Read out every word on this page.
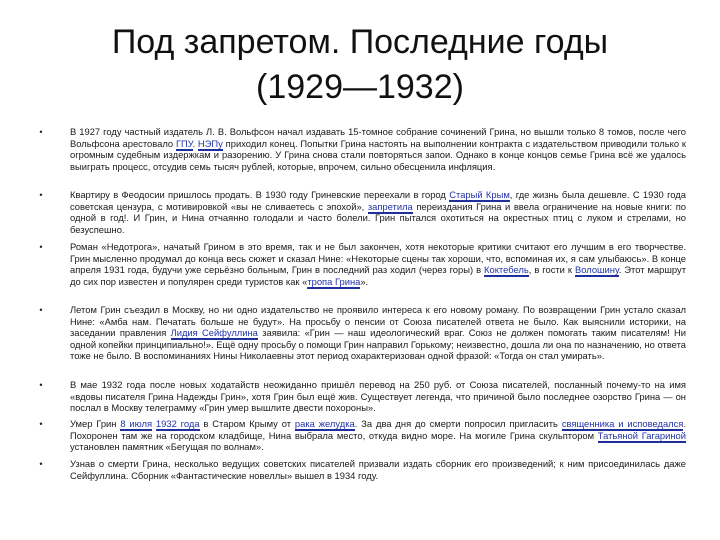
Под запретом. Последние годы
(1929—1932)
•	В 1927 году частный издатель Л. В. Вольфсон начал издавать 15-томное собрание сочинений Грина, но вышли только 8 томов, после чего Вольфсона арестовало ГПУ. НЭПу приходил конец. Попытки Грина настоять на выполнении контракта с издательством приводили только к огромным судебным издержкам и разорению. У Грина снова стали повторяться запои. Однако в конце концов семье Грина всё же удалось выиграть процесс, отсудив семь тысяч рублей, которые, впрочем, сильно обесценила инфляция.
•	Квартиру в Феодосии пришлось продать. В 1930 году Гриневские переехали в город Старый Крым, где жизнь была дешевле. С 1930 года советская цензура, с мотивировкой «вы не сливаетесь с эпохой», запретила переиздания Грина и ввела ограничение на новые книги: по одной в год!. И Грин, и Нина отчаянно голодали и часто болели. Грин пытался охотиться на окрестных птиц с луком и стрелами, но безуспешно.
•	Роман «Недотрога», начатый Грином в это время, так и не был закончен, хотя некоторые критики считают его лучшим в его творчестве. Грин мысленно продумал до конца весь сюжет и сказал Нине: «Некоторые сцены так хороши, что, вспоминая их, я сам улыбаюсь». В конце апреля 1931 года, будучи уже серьёзно больным, Грин в последний раз ходил (через горы) в Коктебель, в гости к Волошину. Этот маршрут до сих пор известен и популярен среди туристов как «тропа Грина».
•	Летом Грин съездил в Москву, но ни одно издательство не проявило интереса к его новому роману. По возвращении Грин устало сказал Нине: «Амба нам. Печатать больше не будут». На просьбу о пенсии от Союза писателей ответа не было. Как выяснили историки, на заседании правления Лидия Сейфуллина заявила: «Грин — наш идеологический враг. Союз не должен помогать таким писателям! Ни одной копейки принципиально!». Ещё одну просьбу о помощи Грин направил Горькому; неизвестно, дошла ли она по назначению, но ответа тоже не было. В воспоминаниях Нины Николаевны этот период охарактеризован одной фразой: «Тогда он стал умирать».
•	В мае 1932 года после новых ходатайств неожиданно пришёл перевод на 250 руб. от Союза писателей, посланный почему-то на имя «вдовы писателя Грина Надежды Грин», хотя Грин был ещё жив. Существует легенда, что причиной было последнее озорство Грина — он послал в Москву телеграмму «Грин умер вышлите двести похороны».
•	Умер Грин 8 июля 1932 года в Старом Крыму от рака желудка. За два дня до смерти попросил пригласить священника и исповедался. Похоронен там же на городском кладбище, Нина выбрала место, откуда видно море. На могиле Грина скульптором Татьяной Гагариной установлен памятник «Бегущая по волнам».
•	Узнав о смерти Грина, несколько ведущих советских писателей призвали издать сборник его произведений; к ним присоединилась даже Сейфуллина. Сборник «Фантастические новеллы» вышел в 1934 году.
